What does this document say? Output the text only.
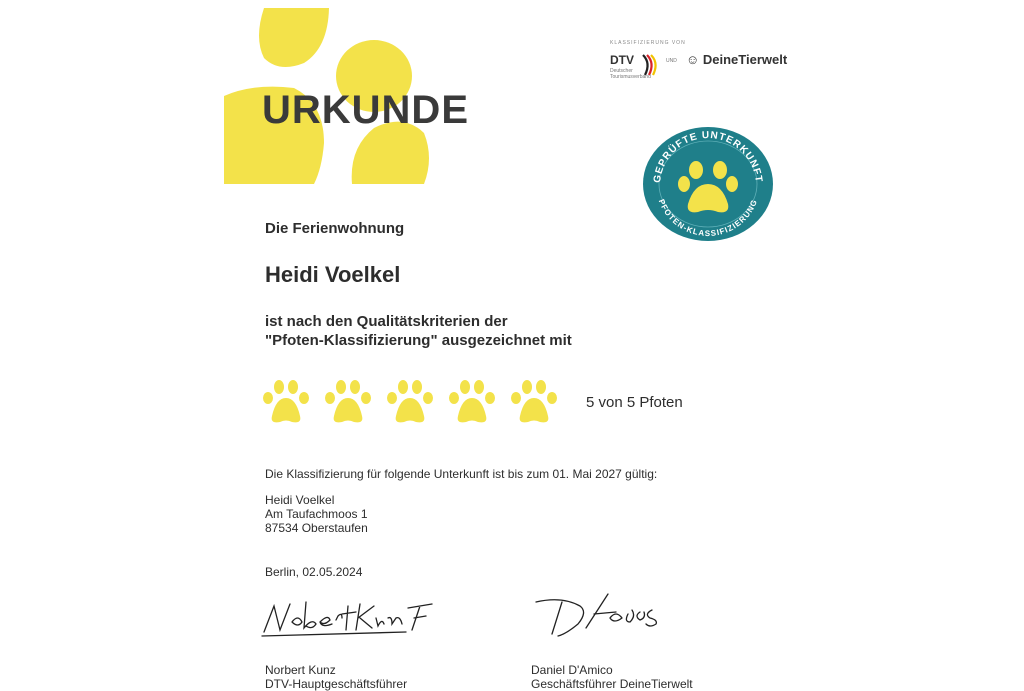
URKUNDE
KLASSIFIZIERUNG VON
DTV
Deutscher Tourismusverband
UND ☺ DeineTierwelt
GEPRÜFTE UNTERKUNFT
PFOTEN-KLASSIFIZIERUNG
Die Ferienwohnung
Heidi Voelkel
ist nach den Qualitätskriterien der
"Pfoten-Klassifizierung" ausgezeichnet mit
5 von 5 Pfoten
Die Klassifizierung für folgende Unterkunft ist bis zum 01. Mai 2027 gültig:
Heidi Voelkel
Am Taufachmoos 1
87534 Oberstaufen
Berlin, 02.05.2024
Norbert Kunz
DTV-Hauptgeschäftsführer
Daniel D'Amico
Geschäftsführer DeineTierwelt
